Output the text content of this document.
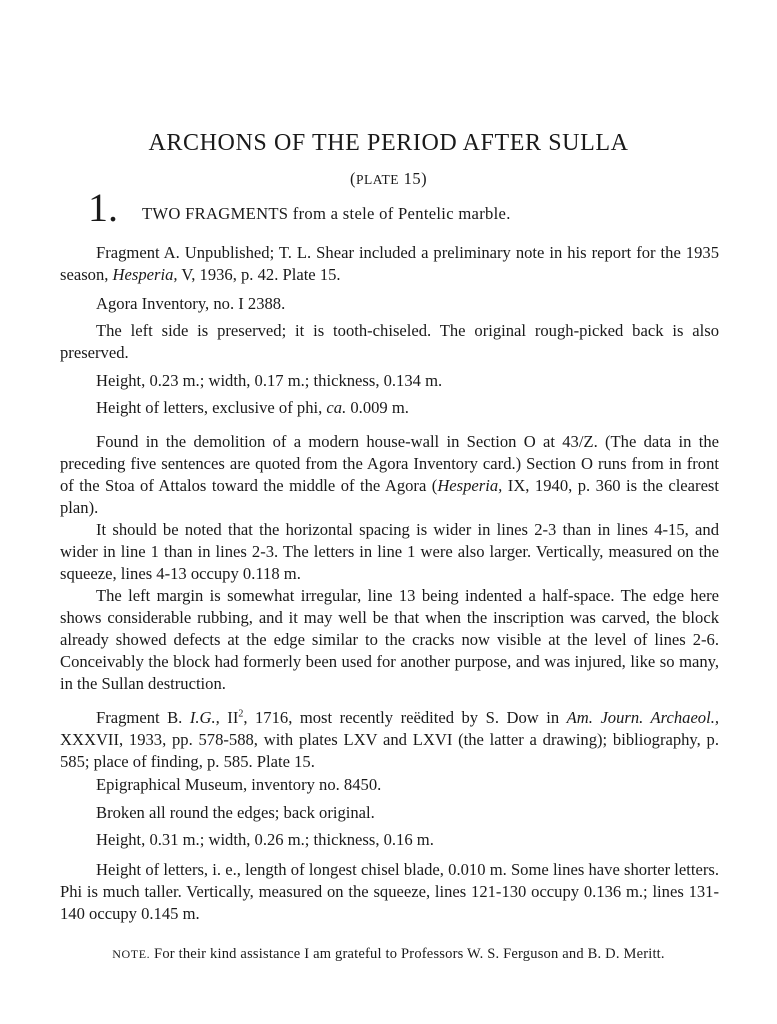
ARCHONS OF THE PERIOD AFTER SULLA
(PLATE 15)
1. TWO FRAGMENTS from a stele of Pentelic marble.
Fragment A. Unpublished; T. L. Shear included a preliminary note in his report for the 1935 season, Hesperia, V, 1936, p. 42. Plate 15.
Agora Inventory, no. I 2388.
The left side is preserved; it is tooth-chiseled. The original rough-picked back is also preserved.
Height, 0.23 m.; width, 0.17 m.; thickness, 0.134 m.
Height of letters, exclusive of phi, ca. 0.009 m.
Found in the demolition of a modern house-wall in Section O at 43/Z. (The data in the preceding five sentences are quoted from the Agora Inventory card.) Section O runs from in front of the Stoa of Attalos toward the middle of the Agora (Hesperia, IX, 1940, p. 360 is the clearest plan).
It should be noted that the horizontal spacing is wider in lines 2-3 than in lines 4-15, and wider in line 1 than in lines 2-3. The letters in line 1 were also larger. Vertically, measured on the squeeze, lines 4-13 occupy 0.118 m.
The left margin is somewhat irregular, line 13 being indented a half-space. The edge here shows considerable rubbing, and it may well be that when the inscription was carved, the block already showed defects at the edge similar to the cracks now visible at the level of lines 2-6. Conceivably the block had formerly been used for another purpose, and was injured, like so many, in the Sullan destruction.
Fragment B. I.G., $II^2$, 1716, most recently reëdited by S. Dow in Am. Journ. Archaeol., XXXVII, 1933, pp. 578-588, with plates LXV and LXVI (the latter a drawing); bibliography, p. 585; place of finding, p. 585. Plate 15.
Epigraphical Museum, inventory no. 8450.
Broken all round the edges; back original.
Height, 0.31 m.; width, 0.26 m.; thickness, 0.16 m.
Height of letters, i. e., length of longest chisel blade, 0.010 m. Some lines have shorter letters. Phi is much taller. Vertically, measured on the squeeze, lines 121-130 occupy 0.136 m.; lines 131-140 occupy 0.145 m.
NOTE. For their kind assistance I am grateful to Professors W. S. Ferguson and B. D. Meritt.
